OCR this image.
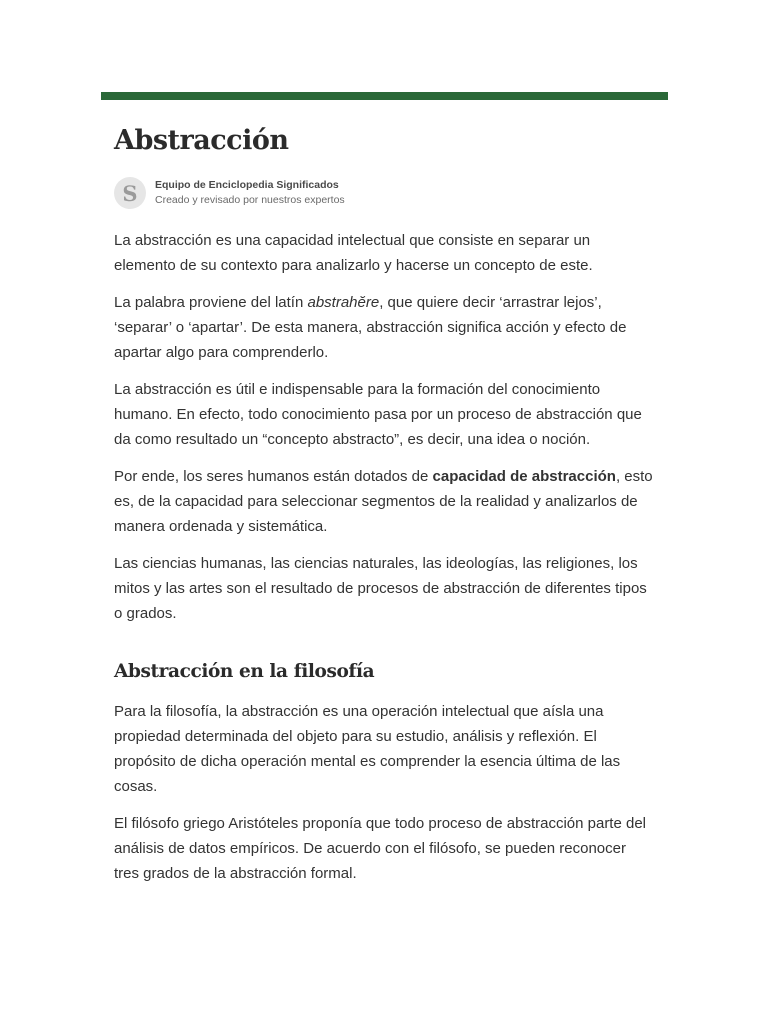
Abstracción
S	Equipo de Enciclopedia Significados
Creado y revisado por nuestros expertos

La abstracción es una capacidad intelectual que consiste en separar un elemento de su contexto para analizarlo y hacerse un concepto de este.

La palabra proviene del latín abstrahĕre, que quiere decir ‘arrastrar lejos’, ‘separar’ o ‘apartar’. De esta manera, abstracción significa acción y efecto de apartar algo para comprenderlo.

La abstracción es útil e indispensable para la formación del conocimiento humano. En efecto, todo conocimiento pasa por un proceso de abstracción que da como resultado un “concepto abstracto”, es decir, una idea o noción.

Por ende, los seres humanos están dotados de capacidad de abstracción, esto es, de la capacidad para seleccionar segmentos de la realidad y analizarlos de manera ordenada y sistemática.

Las ciencias humanas, las ciencias naturales, las ideologías, las religiones, los mitos y las artes son el resultado de procesos de abstracción de diferentes tipos o grados.

Abstracción en la filosofía

Para la filosofía, la abstracción es una operación intelectual que aísla una propiedad determinada del objeto para su estudio, análisis y reflexión. El propósito de dicha operación mental es comprender la esencia última de las cosas.

El filósofo griego Aristóteles proponía que todo proceso de abstracción parte del análisis de datos empíricos. De acuerdo con el filósofo, se pueden reconocer tres grados de la abstracción formal.
